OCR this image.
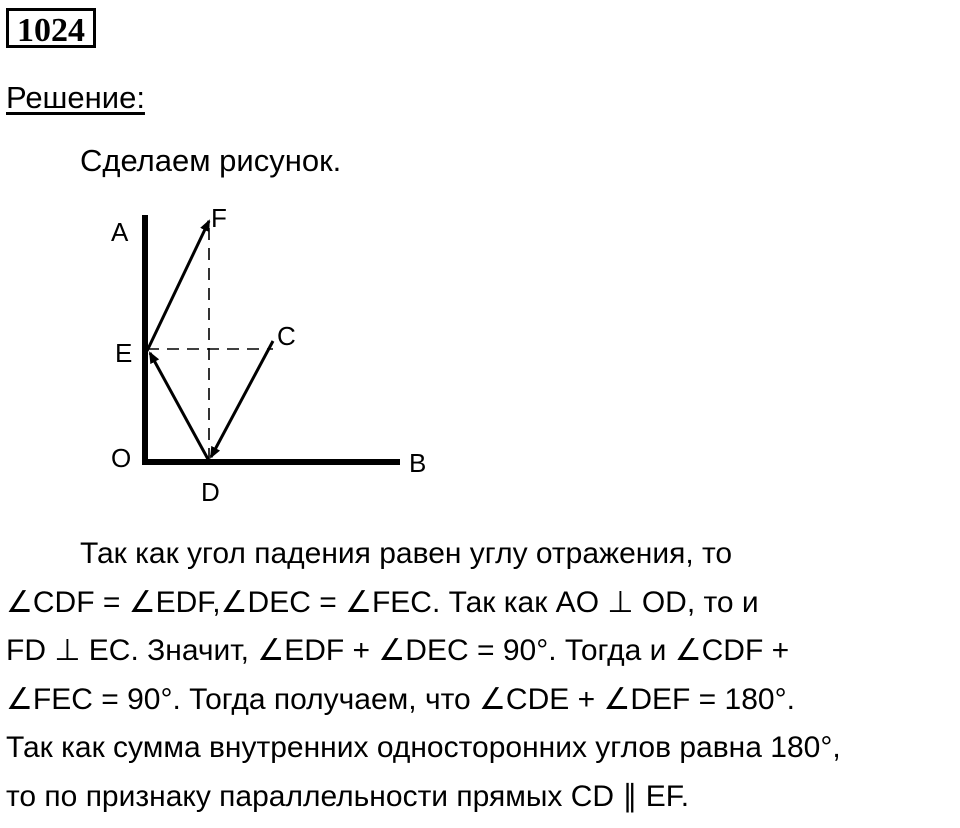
1024
Решение:
Сделаем рисунок.
A	F
C
E
O	B
D

Так как угол падения равен углу отражения, то
∠CDF = ∠EDF,∠DEC = ∠FEC. Так как AO ⊥ OD, то и
FD ⊥ EC. Значит, ∠EDF + ∠DEC = 90°. Тогда и ∠CDF +
∠FEC = 90°. Тогда получаем, что ∠CDE + ∠DEF = 180°.
Так как сумма внутренних односторонних углов равна 180°,
то по признаку параллельности прямых CD ∥ EF.
